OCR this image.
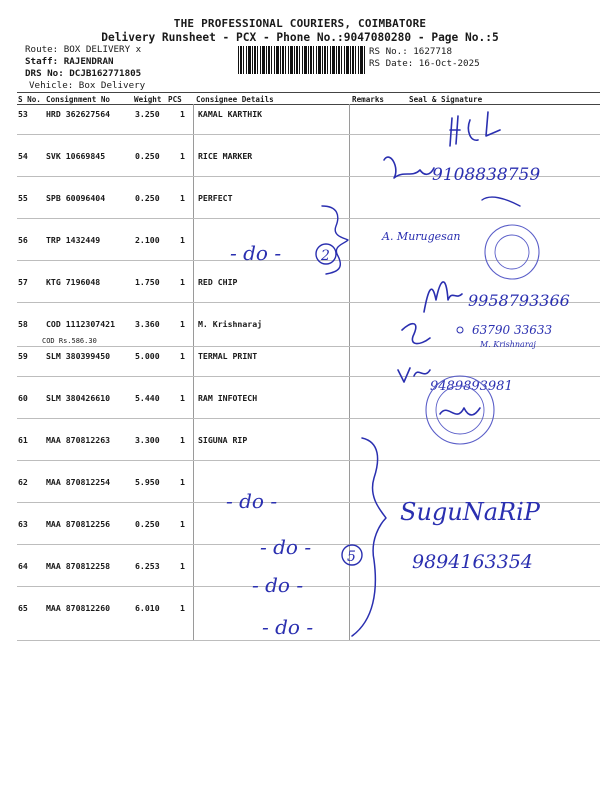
THE PROFESSIONAL COURIERS, COIMBATORE
Delivery Runsheet - PCX - Phone No.:9047080280 - Page No.:5
Route: BOX DELIVERY x
Staff: RAJENDRAN
DRS No: DCJB162771805
Vehicle: Box Delivery
RS No.: 1627718
RS Date: 16-Oct-2025
S No. Consignment No	Weight PCS Consignee Details	Remarks	Seal & Signature
53	HRD 362627564	3.250 1 KAMAL KARTHIK
54 SVK 10669845	0.250 1 RICE MARKER
55 SPB 60096404	0.250 1 PERFECT
56 TRP 1432449	2.100 1
57 KTG 7196048	1.750 1 RED CHIP
58 COD 1112307421 3.360 1 M. Krishnaraj
COD Rs.586.30
59 SLM 380399450	5.000 1 TERMAL PRINT
60 SLM 380426610	5.440 1 RAM INFOTECH
61 MAA 870812263	3.300 1 SIGUNA RIP
62 MAA 870812254	5.950 1
63 MAA 870812256	0.250 1
64 MAA 870812258	6.253 1
65 MAA 870812260	6.010 1
9108838759
- do -	2
A. Murugesan
9958793366
63790 33633
M. Krishnaraj
9489893981
- do -
- do -
- do -
- do -
5
SuguNaRiP
9894163354
